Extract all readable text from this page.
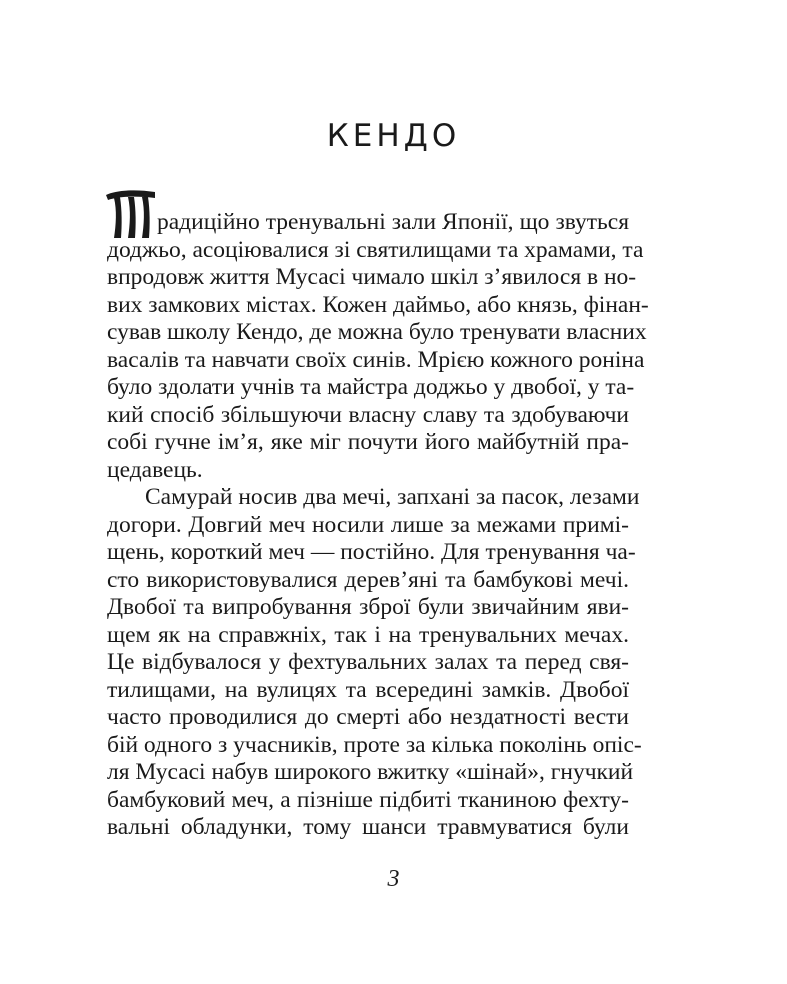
КЕНДО
радиційно тренувальні зали Японії, що звуться
доджьо, асоціювалися зі святилищами та храмами, та
впродовж життя Мусасі чимало шкіл з’явилося в но-
вих замкових містах. Кожен даймьо, або князь, фінан-
сував школу Кендо, де можна було тренувати власних
васалів та навчати своїх синів. Мрією кожного роніна
було здолати учнів та майстра доджьо у двобої, у та-
кий спосіб збільшуючи власну славу та здобуваючи
собі гучне ім’я, яке міг почути його майбутній пра-
цедавець.
Самурай носив два мечі, запхані за пасок, лезами
догори. Довгий меч носили лише за межами примі-
щень, короткий меч — постійно. Для тренування ча-
сто використовувалися дерев’яні та бамбукові мечі.
Двобої та випробування зброї були звичайним яви-
щем як на справжніх, так і на тренувальних мечах.
Це відбувалося у фехтувальних залах та перед свя-
тилищами, на вулицях та всередині замків. Двобої
часто проводилися до смерті або нездатності вести
бій одного з учасників, проте за кілька поколінь опіс-
ля Мусасі набув широкого вжитку «шінай», гнучкий
бамбуковий меч, а пізніше підбиті тканиною фехту-
3
вальні обладунки, тому шанси травмуватися були
